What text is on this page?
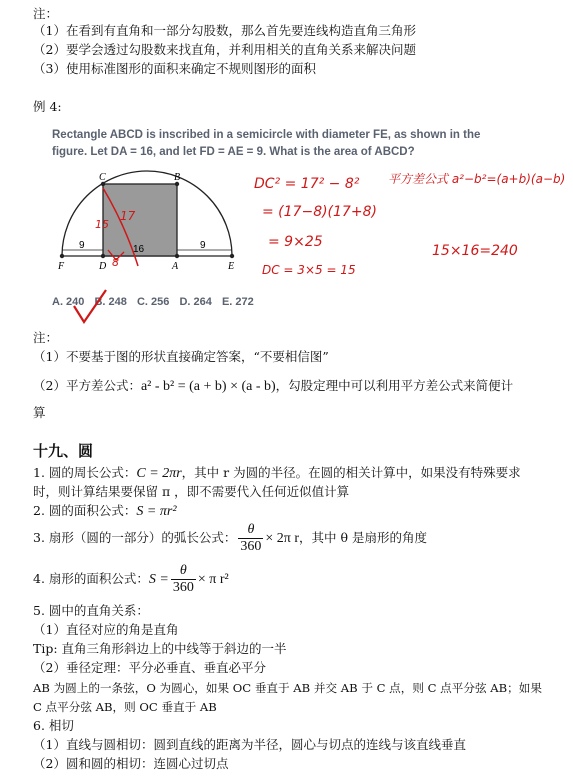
注：
（1）在看到有直角和一部分勾股数，那么首先要连线构造直角三角形
（2）要学会透过勾股数来找直角，并利用相关的直角关系来解决问题
（3）使用标准图形的面积来确定不规则图形的面积
例 4:
Rectangle ABCD is inscribed in a semicircle with diameter FE, as shown in the
figure. Let DA = 16, and let FD = AE = 9. What is the area of ABCD?
C	B
F	D	A	E
9	16	9
15
17
8
DC² = 17² − 8²
= (17−8)(17+8)
= 9×25
DC = 3×5 = 15
平方差公式 a²−b²=(a+b)(a−b)
15×16=240
A. 240 B. 248 C. 256 D. 264 E. 272
注：
（1）不要基于图的形状直接确定答案，“不要相信图”
（2）平方差公式：a² - b² = (a + b) × (a - b)，勾股定理中可以利用平方差公式来简便计
算
十九、圆
1. 圆的周长公式：C = 2πr，其中 r 为圆的半径。在圆的相关计算中，如果没有特殊要求
时，则计算结果要保留 π ，即不需要代入任何近似值计算
2. 圆的面积公式：S = πr²
3. 扇形（圆的一部分）的弧长公式： $\frac{\theta}{360} \times 2\pi$ r，其中 θ 是扇形的角度
4. 扇形的面积公式：$S = \frac{\theta}{360} \times \pi$ r²
5. 圆中的直角关系：
（1）直径对应的角是直角
Tip: 直角三角形斜边上的中线等于斜边的一半
（2）垂径定理：平分必垂直、垂直必平分
AB 为圆上的一条弦，O 为圆心，如果 OC 垂直于 AB 并交 AB 于 C 点，则 C 点平分弦 AB；如果
C 点平分弦 AB，则 OC 垂直于 AB
6. 相切
（1）直线与圆相切：圆到直线的距离为半径，圆心与切点的连线与该直线垂直
（2）圆和圆的相切：连圆心过切点
